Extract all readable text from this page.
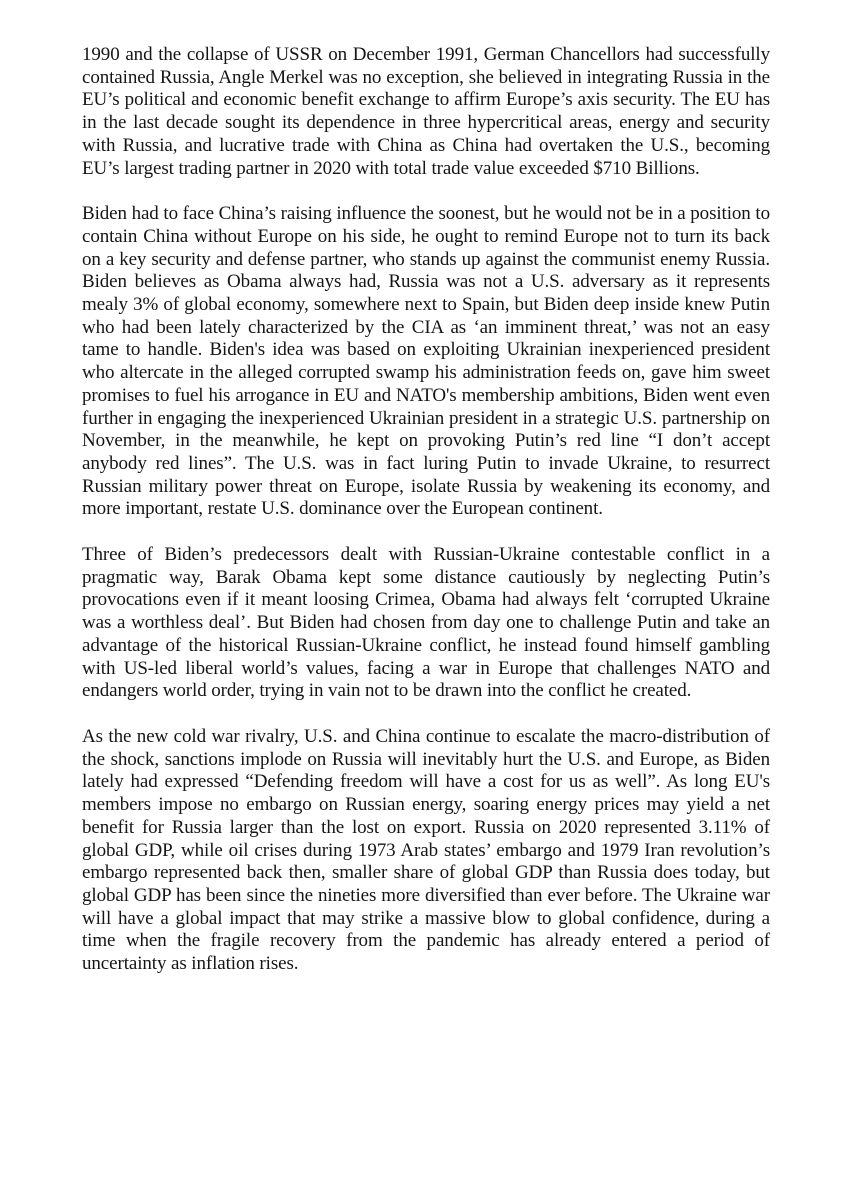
1990 and the collapse of USSR on December 1991, German Chancellors had successfully contained Russia, Angle Merkel was no exception, she believed in integrating Russia in the EU’s political and economic benefit exchange to affirm Europe’s axis security. The EU has in the last decade sought its dependence in three hypercritical areas, energy and security with Russia, and lucrative trade with China as China had overtaken the U.S., becoming EU’s largest trading partner in 2020 with total trade value exceeded $710 Billions.

Biden had to face China’s raising influence the soonest, but he would not be in a position to contain China without Europe on his side, he ought to remind Europe not to turn its back on a key security and defense partner, who stands up against the communist enemy Russia. Biden believes as Obama always had, Russia was not a U.S. adversary as it represents mealy 3% of global economy, somewhere next to Spain, but Biden deep inside knew Putin who had been lately characterized by the CIA as ‘an imminent threat,’ was not an easy tame to handle. Biden's idea was based on exploiting Ukrainian inexperienced president who altercate in the alleged corrupted swamp his administration feeds on, gave him sweet promises to fuel his arrogance in EU and NATO's membership ambitions, Biden went even further in engaging the inexperienced Ukrainian president in a strategic U.S. partnership on November, in the meanwhile, he kept on provoking Putin’s red line “I don’t accept anybody red lines”. The U.S. was in fact luring Putin to invade Ukraine, to resurrect Russian military power threat on Europe, isolate Russia by weakening its economy, and more important, restate U.S. dominance over the European continent.

Three of Biden’s predecessors dealt with Russian-Ukraine contestable conflict in a pragmatic way, Barak Obama kept some distance cautiously by neglecting Putin’s provocations even if it meant loosing Crimea, Obama had always felt ‘corrupted Ukraine was a worthless deal’. But Biden had chosen from day one to challenge Putin and take an advantage of the historical Russian-Ukraine conflict, he instead found himself gambling with US-led liberal world’s values, facing a war in Europe that challenges NATO and endangers world order, trying in vain not to be drawn into the conflict he created.

As the new cold war rivalry, U.S. and China continue to escalate the macro-distribution of the shock, sanctions implode on Russia will inevitably hurt the U.S. and Europe, as Biden lately had expressed “Defending freedom will have a cost for us as well”. As long EU's members impose no embargo on Russian energy, soaring energy prices may yield a net benefit for Russia larger than the lost on export. Russia on 2020 represented 3.11% of global GDP, while oil crises during 1973 Arab states’ embargo and 1979 Iran revolution’s embargo represented back then, smaller share of global GDP than Russia does today, but global GDP has been since the nineties more diversified than ever before. The Ukraine war will have a global impact that may strike a massive blow to global confidence, during a time when the fragile recovery from the pandemic has already entered a period of uncertainty as inflation rises.
